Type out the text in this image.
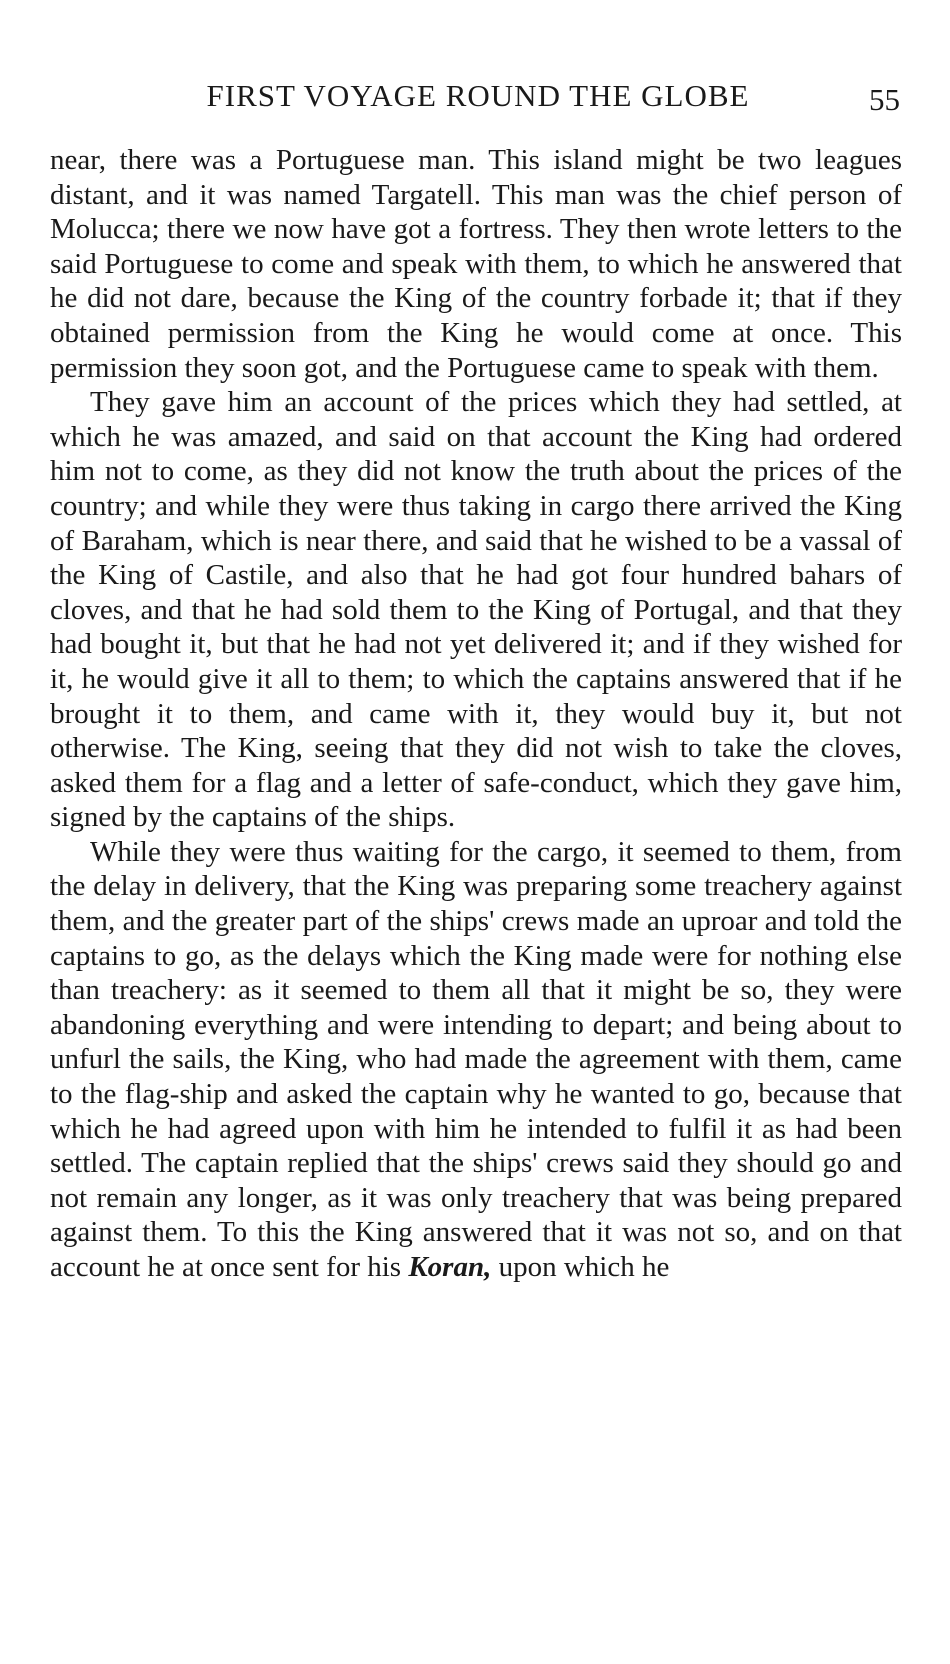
FIRST VOYAGE ROUND THE GLOBE	55

near, there was a Portuguese man. This island might be two leagues distant, and it was named Targatell. This man was the chief person of Molucca; there we now have got a fortress. They then wrote letters to the said Portuguese to come and speak with them, to which he answered that he did not dare, because the King of the country forbade it; that if they obtained permission from the King he would come at once. This permission they soon got, and the Portuguese came to speak with them.

They gave him an account of the prices which they had settled, at which he was amazed, and said on that account the King had ordered him not to come, as they did not know the truth about the prices of the country; and while they were thus taking in cargo there arrived the King of Baraham, which is near there, and said that he wished to be a vassal of the King of Castile, and also that he had got four hundred bahars of cloves, and that he had sold them to the King of Portugal, and that they had bought it, but that he had not yet delivered it; and if they wished for it, he would give it all to them; to which the captains answered that if he brought it to them, and came with it, they would buy it, but not otherwise. The King, seeing that they did not wish to take the cloves, asked them for a flag and a letter of safe-conduct, which they gave him, signed by the captains of the ships.

While they were thus waiting for the cargo, it seemed to them, from the delay in delivery, that the King was preparing some treachery against them, and the greater part of the ships' crews made an uproar and told the captains to go, as the delays which the King made were for nothing else than treachery: as it seemed to them all that it might be so, they were abandoning everything and were intending to depart; and being about to unfurl the sails, the King, who had made the agreement with them, came to the flag-ship and asked the captain why he wanted to go, because that which he had agreed upon with him he intended to fulfil it as had been settled. The captain replied that the ships' crews said they should go and not remain any longer, as it was only treachery that was being prepared against them. To this the King answered that it was not so, and on that account he at once sent for his Koran, upon which he
